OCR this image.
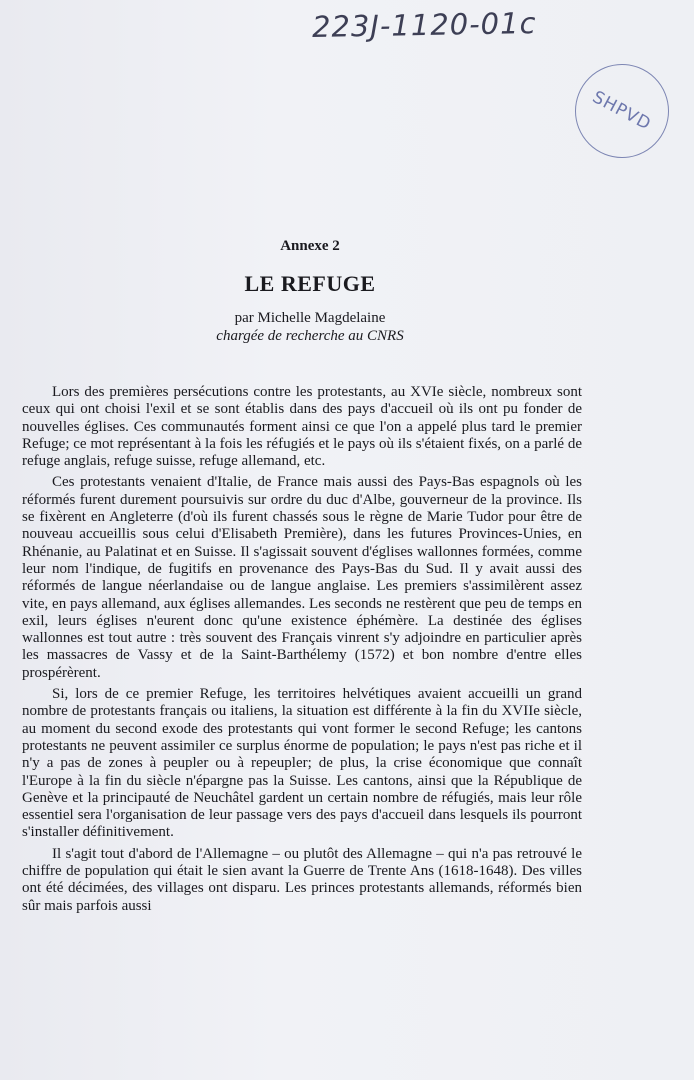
223J-1120-01c
SHPVD
Annexe 2
LE REFUGE
par Michelle Magdelaine
chargée de recherche au CNRS

Lors des premières persécutions contre les protestants, au XVIe siècle, nombreux sont ceux qui ont choisi l'exil et se sont établis dans des pays d'accueil où ils ont pu fonder de nouvelles églises. Ces communautés forment ainsi ce que l'on a appelé plus tard le premier Refuge; ce mot représentant à la fois les réfugiés et le pays où ils s'étaient fixés, on a parlé de refuge anglais, refuge suisse, refuge allemand, etc.

Ces protestants venaient d'Italie, de France mais aussi des Pays-Bas espagnols où les réformés furent durement poursuivis sur ordre du duc d'Albe, gouverneur de la province. Ils se fixèrent en Angleterre (d'où ils furent chassés sous le règne de Marie Tudor pour être de nouveau accueillis sous celui d'Elisabeth Première), dans les futures Provinces-Unies, en Rhénanie, au Palatinat et en Suisse. Il s'agissait souvent d'églises wallonnes formées, comme leur nom l'indique, de fugitifs en provenance des Pays-Bas du Sud. Il y avait aussi des réformés de langue néerlandaise ou de langue anglaise. Les premiers s'assimilèrent assez vite, en pays allemand, aux églises allemandes. Les seconds ne restèrent que peu de temps en exil, leurs églises n'eurent donc qu'une existence éphémère. La destinée des églises wallonnes est tout autre : très souvent des Français vinrent s'y adjoindre en particulier après les massacres de Vassy et de la Saint-Barthélemy (1572) et bon nombre d'entre elles prospérèrent.

Si, lors de ce premier Refuge, les territoires helvétiques avaient accueilli un grand nombre de protestants français ou italiens, la situation est différente à la fin du XVIIe siècle, au moment du second exode des protestants qui vont former le second Refuge; les cantons protestants ne peuvent assimiler ce surplus énorme de population; le pays n'est pas riche et il n'y a pas de zones à peupler ou à repeupler; de plus, la crise économique que connaît l'Europe à la fin du siècle n'épargne pas la Suisse. Les cantons, ainsi que la République de Genève et la principauté de Neuchâtel gardent un certain nombre de réfugiés, mais leur rôle essentiel sera l'organisation de leur passage vers des pays d'accueil dans lesquels ils pourront s'installer définitivement.

Il s'agit tout d'abord de l'Allemagne – ou plutôt des Allemagne – qui n'a pas retrouvé le chiffre de population qui était le sien avant la Guerre de Trente Ans (1618-1648). Des villes ont été décimées, des villages ont disparu. Les princes protestants allemands, réformés bien sûr mais parfois aussi
